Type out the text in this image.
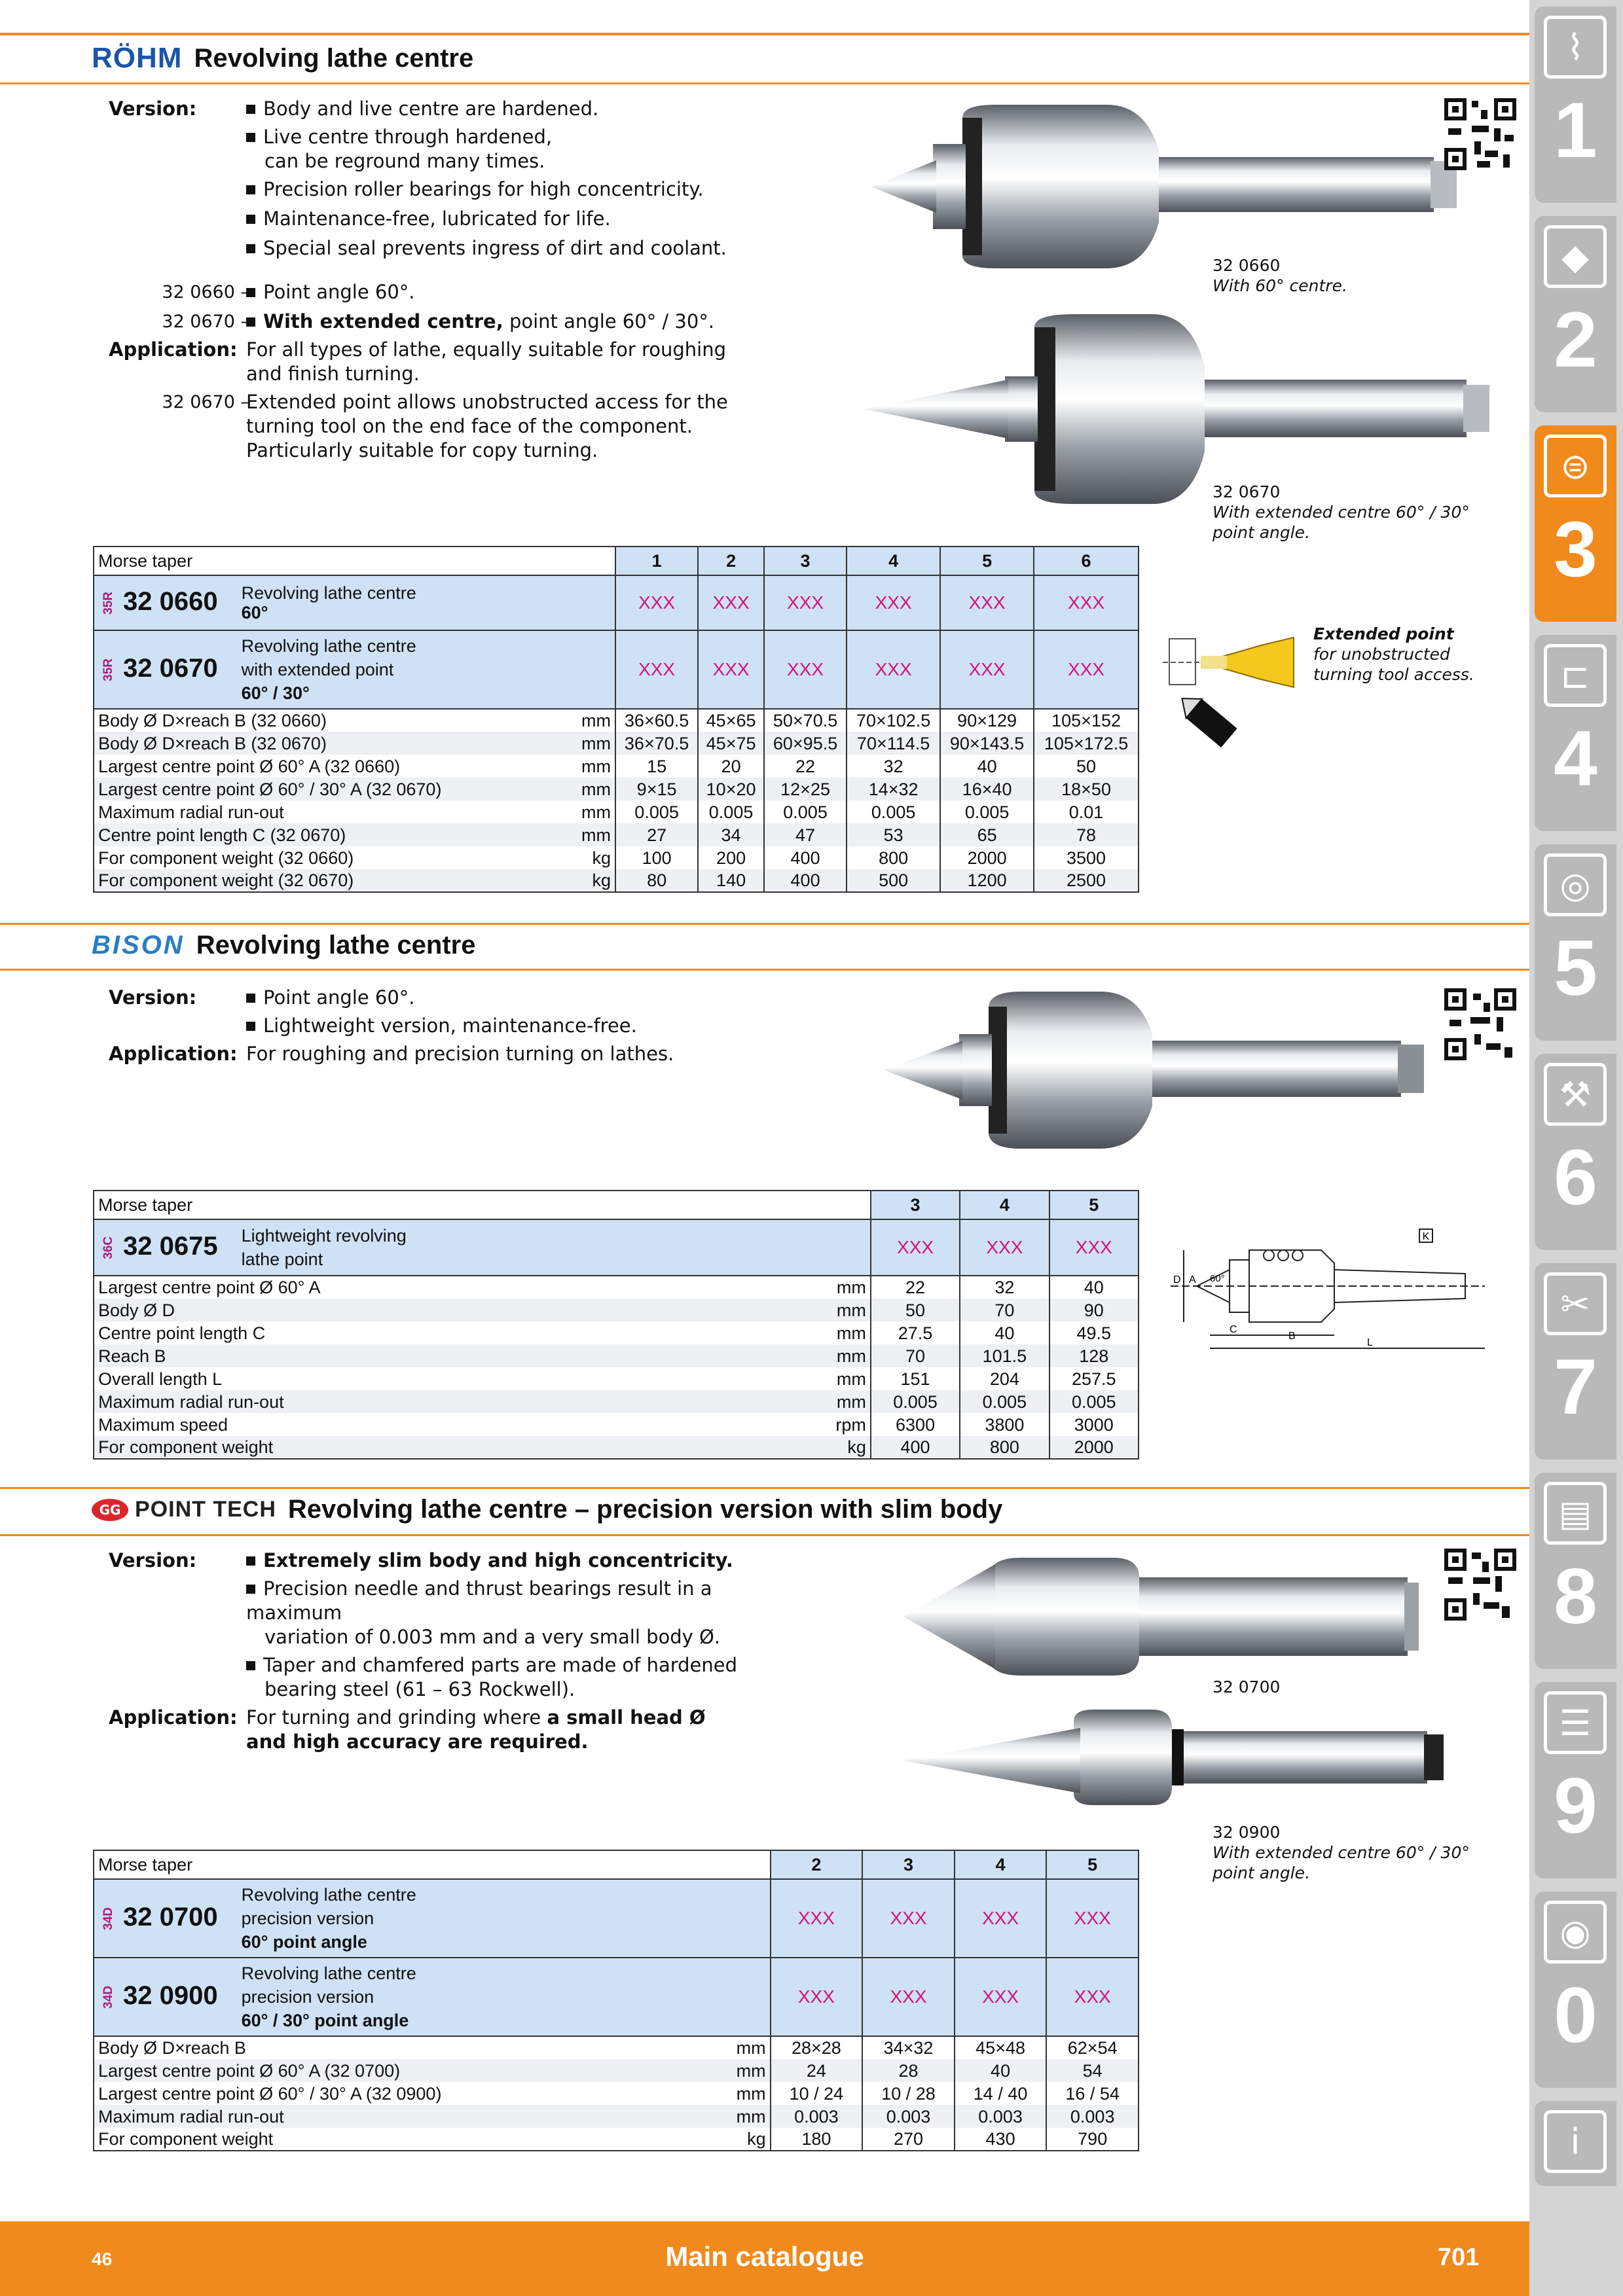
RÖHM Revolving lathe centre
Version:	Body and live centre are hardened.
Live centre through hardened,
can be reground many times.
Precision roller bearings for high concentricity.
Maintenance-free, lubricated for life.
Special seal prevents ingress of dirt and coolant.
32 0660 – Point angle 60°.
32 0670 – With extended centre, point angle 60° / 30°.
Application: For all types of lathe, equally suitable for roughing
and finish turning.
32 0670 –
Extended point allows unobstructed access for the
turning tool on the end face of the component.
Particularly suitable for copy turning.
32 0660
With 60° centre.
32 0670
With extended centre 60° / 30° point angle.
Morse taper		1	2	3	4	5	6

35R 32 0660 Revolving lathe centre
60°		XXX	XXX	XXX	XXX	XXX	XXX

35R 32 0670
Revolving lathe centre
with extended point
60° / 30°		XXX	XXX	XXX	XXX	XXX	XXX
Body Ø D×reach B (32 0660)	mm	36×60.5	45×65	50×70.5	70×102.5	90×129	105×152
Body Ø D×reach B (32 0670)	mm	36×70.5	45×75	60×95.5	70×114.5	90×143.5	105×172.5
Largest centre point Ø 60° A (32 0660)	mm	15	20	22	32	40	50
Largest centre point Ø 60° / 30° A (32 0670)	mm	9×15	10×20	12×25	14×32	16×40	18×50
Maximum radial run-out	mm	0.005	0.005	0.005	0.005	0.005	0.01
Centre point length C (32 0670)	mm	27	34	47	53	65	78
For component weight (32 0660)	kg	100	200	400	800	2000	3500
For component weight (32 0670)	kg	80	140	400	500	1200	2500
Extended point
for unobstructed turning tool access.
BISON Revolving lathe centre
Version:	Point angle 60°.
Lightweight version, maintenance-free.
Application: For roughing and precision turning on lathes.
Morse taper		3	4	5

36C 32 0675 Lightweight revolving
lathe point		XXX	XXX	XXX
Largest centre point Ø 60° A	mm	22	32	40
Body Ø D	mm	50	70	90
Centre point length C	mm	27.5	40	49.5
Reach B	mm	70	101.5	128
Overall length L	mm	151	204	257.5
Maximum radial run-out	mm	0.005	0.005	0.005
Maximum speed	rpm	6300	3800	3000
For component weight	kg	400	800	2000
K
D A 60°
C
B
L
GG POINT TECH Revolving lathe centre – precision version with slim body
Version:	Extremely slim body and high concentricity.
Precision needle and thrust bearings result in a maximum
variation of 0.003 mm and a very small body Ø.
Taper and chamfered parts are made of hardened
bearing steel (61 – 63 Rockwell).
Application: For turning and grinding where a small head Ø
and high accuracy are required.
32 0700
32 0900
With extended centre 60° / 30° point angle.
Morse taper		2	3	4	5

34D 32 0700
Revolving lathe centre
precision version
60° point angle		XXX	XXX	XXX	XXX

34D 32 0900
Revolving lathe centre
precision version
60° / 30° point angle		XXX	XXX	XXX	XXX
Body Ø D×reach B	mm	28×28	34×32	45×48	62×54
Largest centre point Ø 60° A (32 0700)	mm	24	28	40	54
Largest centre point Ø 60° / 30° A (32 0900)	mm	10 / 24	10 / 28	14 / 40	16 / 54
Maximum radial run-out	mm	0.003	0.003	0.003	0.003
For component weight	kg	180	270	430	790
⌇
1
◆
2
⊜
3
⊏
4
◎
5
⚒
6
✂
7
▤
8
☰
9
◉
0
i
46	Main catalogue	701
